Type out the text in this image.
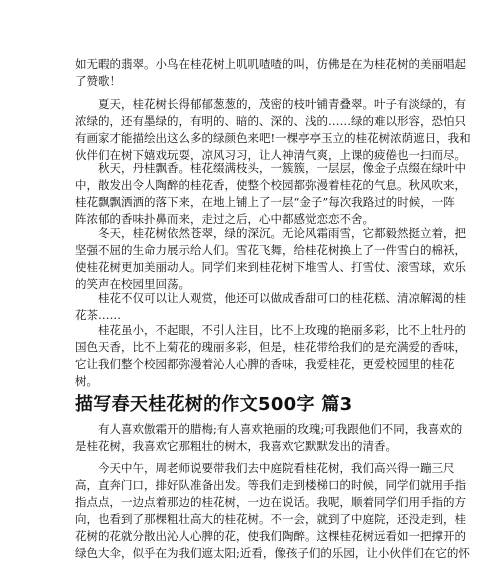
如无暇的翡翠。小鸟在桂花树上叽叽喳喳的叫，仿佛是在为桂花树的美丽唱起
了赞歌！
　　夏天，桂花树长得郁郁葱葱的，茂密的枝叶铺青叠翠。叶子有淡绿的，有
浓绿的，还有墨绿的，有明的、暗的、深的、浅的……绿的难以形容，恐怕只
有画家才能描绘出这么多的绿颜色来吧!一棵亭亭玉立的桂花树浓荫遮日，我和
伙伴们在树下嬉戏玩耍，凉风习习，让人神清气爽，上课的疲倦也一扫而尽。
　　秋天，丹桂飘香。桂花缀满枝头，一簇簇，一层层，像金子点缀在绿叶中
中，散发出令人陶醉的桂花香，使整个校园都弥漫着桂花的气息。秋风吹来，
桂花飘飘洒洒的落下来，在地上铺上了一层“金子”每次我路过的时候，一阵
阵浓郁的香味扑鼻而来，走过之后，心中都感觉恋恋不舍。
　　冬天，桂花树依然苍翠，绿的深沉。无论风霜雨雪，它都毅然挺立着，把
坚强不屈的生命力展示给人们。雪花飞舞，给桂花树换上了一件雪白的棉袄，
使桂花树更加美丽动人。同学们来到桂花树下堆雪人、打雪仗、滚雪球，欢乐
的笑声在校园里回荡。
　　桂花不仅可以让人观赏，他还可以做成香甜可口的桂花糕、清凉解渴的桂
花茶……
　　桂花虽小，不起眼，不引人注目，比不上玫瑰的艳丽多彩，比不上牡丹的
国色天香，比不上菊花的瑰丽多彩，但是，桂花带给我们的是充满爱的香味，
它让我们整个校园都弥漫着沁人心脾的香味，我爱桂花，更爱校园里的桂花
树。
描写春天桂花树的作文500字 篇3
　　有人喜欢傲霜开的腊梅;有人喜欢艳丽的玫瑰;可我跟他们不同，我喜欢的
是桂花树，我喜欢它那粗壮的树木，我喜欢它默默发出的清香。
　　今天中午，周老师说要带我们去中庭院看桂花树，我们高兴得一蹦三尺
高，直奔门口，排好队准备出发。等我们走到楼梯口的时候，同学们就用手指
指点点，一边点着那边的桂花树，一边在说话。我呢，顺着同学们用手指的方
向，也看到了那棵粗壮高大的桂花树。不一会，就到了中庭院，还没走到，桂
花树的花就分散出沁人心脾的花，使我们陶醉。这棵桂花树远看如一把撑开的
绿色大伞，似乎在为我们遮太阳;近看，像孩子们的乐园，让小伙伴们在它的怀
